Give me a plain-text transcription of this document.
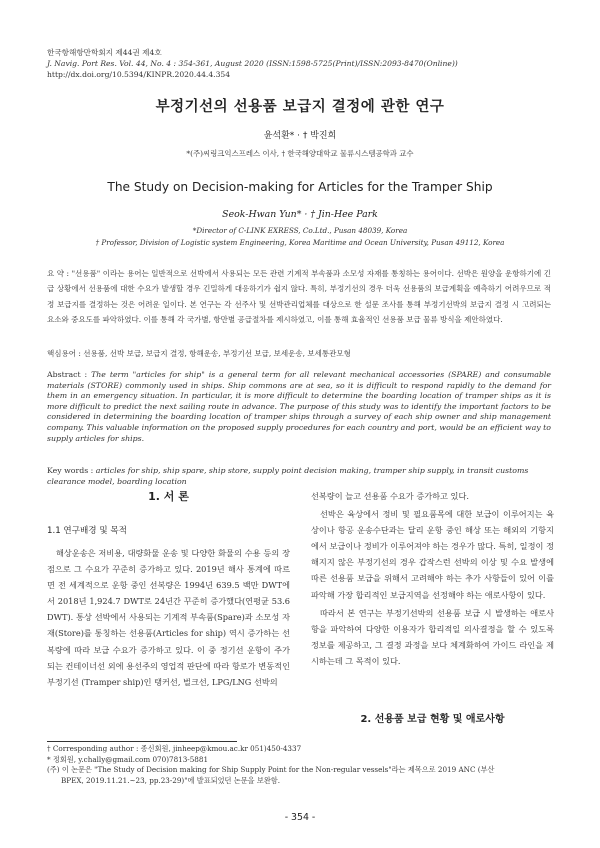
한국항해항만학회지 제44권 제4호
J. Navig. Port Res. Vol. 44, No. 4 : 354-361, August 2020 (ISSN:1598-5725(Print)/ISSN:2093-8470(Online))
http://dx.doi.org/10.5394/KINPR.2020.44.4.354
부정기선의 선용품 보급지 결정에 관한 연구
윤석환* · † 박진희
*(주)씨링크익스프레스 이사, † 한국해양대학교 물류시스템공학과 교수
The Study on Decision-making for Articles for the Tramper Ship
Seok-Hwan Yun* · † Jin-Hee Park
*Director of C-LINK EXRESS, Co.Ltd., Pusan 48039, Korea
† Professor, Division of Logistic system Engineering, Korea Maritime and Ocean University, Pusan 49112, Korea
요 약 : "선용품" 이라는 용어는 일반적으로 선박에서 사용되는 모든 관련 기계적 부속품과 소모성 자재를 통칭하는 용어이다. 선박은 원양을 운항하기에 긴급 상황에서 선용품에 대한 수요가 발생할 경우 긴밀하게 대응하기가 쉽지 않다. 특히, 부정기선의 경우 더욱 선용품의 보급계획을 예측하기 어려우므로 적정 보급지를 결정하는 것은 어려운 일이다. 본 연구는 각 선주사 및 선박관리업체를 대상으로 한 설문 조사를 통해 부정기선박의 보급지 결정 시 고려되는 요소와 중요도를 파악하였다. 이를 통해 각 국가별, 항만별 공급절차를 제시하였고, 이를 통해 효율적인 선용품 보급 물류 방식을 제안하였다.
핵심용어 : 선용품, 선박 보급, 보급지 결정, 항해운송, 부정기선 보급, 보세운송, 보세통관모형
Abstract : The term "articles for ship" is a general term for all relevant mechanical accessories (SPARE) and consumable materials (STORE) commonly used in ships. Ship commons are at sea, so it is difficult to respond rapidly to the demand for them in an emergency situation. In particular, it is more difficult to determine the boarding location of tramper ships as it is more difficult to predict the next sailing route in advance. The purpose of this study was to identify the important factors to be considered in determining the boarding location of tramper ships through a survey of each ship owner and ship management company. This valuable information on the proposed supply procedures for each country and port, would be an efficient way to supply articles for ships.
Key words : articles for ship, ship spare, ship store, supply point decision making, tramper ship supply, in transit customs clearance model, boarding location
1. 서 론
1.1 연구배경 및 목적

해상운송은 저비용, 대량화물 운송 및 다양한 화물의 수용 등의 장점으로 그 수요가 꾸준히 증가하고 있다. 2019년 해사 통계에 따르면 전 세계적으로 운항 중인 선복량은 1994년 639.5 백만 DWT에서 2018년 1,924.7 DWT로 24년간 꾸준히 증가했다(연평균 53.6 DWT). 통상 선박에서 사용되는 기계적 부속품(Spare)과 소모성 자재(Store)를 통칭하는 선용품(Articles for ship) 역시 증가하는 선복량에 따라 보급 수요가 증가하고 있다. 이 중 정기선 운항이 주가 되는 컨테이너선 외에 용선주의 영업적 판단에 따라 항로가 변동적인 부정기선 (Tramper ship)인 탱커선, 벌크선, LPG/LNG 선박의

선복량이 늘고 선용품 수요가 증가하고 있다.

선박은 육상에서 정비 및 필요품목에 대한 보급이 이루어지는 육상이나 항공 운송수단과는 달리 운항 중인 해상 또는 해외의 기항지에서 보급이나 정비가 이루어져야 하는 경우가 많다. 특히, 일정이 정해지지 않은 부정기선의 경우 갑작스런 선박의 이상 및 수요 발생에 따른 선용품 보급을 위해서 고려해야 하는 추가 사항들이 있어 이를 파악해 가장 합리적인 보급지역을 선정해야 하는 애로사항이 있다.

따라서 본 연구는 부정기선박의 선용품 보급 시 발생하는 애로사항을 파악하여 다양한 이용자가 합리적일 의사결정을 할 수 있도록 정보를 제공하고, 그 결정 과정을 보다 체계화하여 가이드 라인을 제시하는데 그 목적이 있다.

2. 선용품 보급 현황 및 애로사항
† Corresponding author : 종신회원, jinheep@kmou.ac.kr 051)450-4337
* 정회원, y.chally@gmail.com 070)7813-5881
(주) 이 논문은 "The Study of Decision making for Ship Supply Point for the Non-regular vessels"라는 제목으로 2019 ANC (부산
BPEX, 2019.11.21.~23, pp.23-29)"에 발표되었던 논문을 보완함.
- 354 -
